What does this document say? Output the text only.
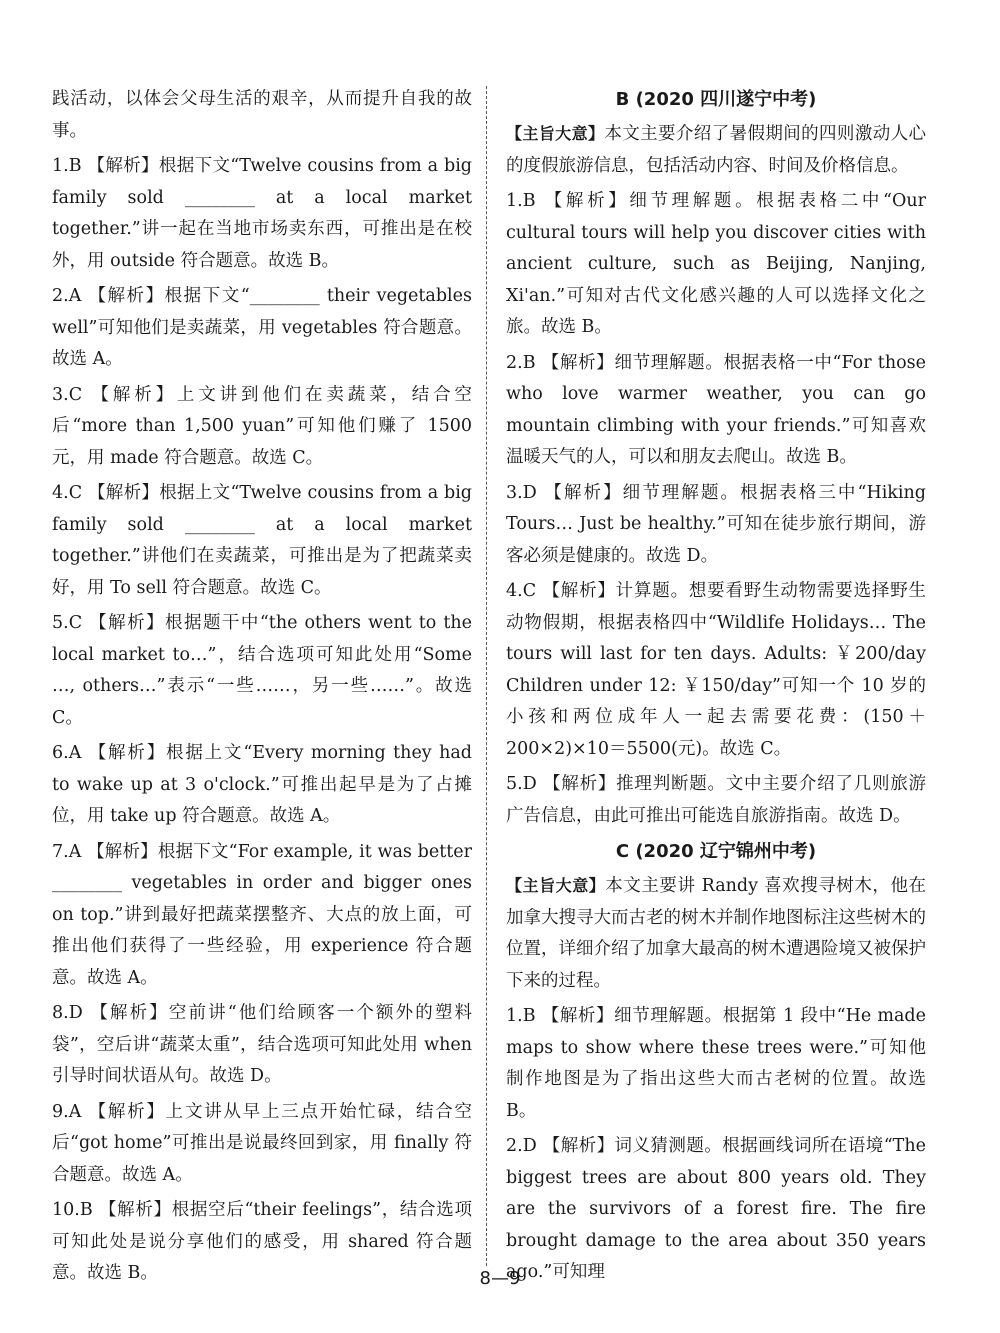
践活动，以体会父母生活的艰辛，从而提升自我的故事。
1.B 【解析】根据下文“Twelve cousins from a big family sold ________ at a local market together.”讲一起在当地市场卖东西，可推出是在校外，用 outside 符合题意。故选 B。
2.A 【解析】根据下文“________ their vegetables well”可知他们是卖蔬菜，用 vegetables 符合题意。故选 A。
3.C 【解析】上文讲到他们在卖蔬菜，结合空后“more than 1,500 yuan”可知他们赚了 1500 元，用 made 符合题意。故选 C。
4.C 【解析】根据上文“Twelve cousins from a big family sold ________ at a local market together.”讲他们在卖蔬菜，可推出是为了把蔬菜卖好，用 To sell 符合题意。故选 C。
5.C 【解析】根据题干中“the others went to the local market to…”，结合选项可知此处用“Some …, others…”表示“一些……，另一些……”。故选 C。
6.A 【解析】根据上文“Every morning they had to wake up at 3 o'clock.”可推出起早是为了占摊位，用 take up 符合题意。故选 A。
7.A 【解析】根据下文“For example, it was better ________ vegetables in order and bigger ones on top.”讲到最好把蔬菜摆整齐、大点的放上面，可推出他们获得了一些经验，用 experience 符合题意。故选 A。
8.D 【解析】空前讲“他们给顾客一个额外的塑料袋”，空后讲“蔬菜太重”，结合选项可知此处用 when 引导时间状语从句。故选 D。
9.A 【解析】上文讲从早上三点开始忙碌，结合空后“got home”可推出是说最终回到家，用 finally 符合题意。故选 A。
10.B 【解析】根据空后“their feelings”，结合选项可知此处是说分享他们的感受，用 shared 符合题意。故选 B。
B (2020 四川遂宁中考)
【主旨大意】本文主要介绍了暑假期间的四则激动人心的度假旅游信息，包括活动内容、时间及价格信息。
1.B 【解析】细节理解题。根据表格二中“Our cultural tours will help you discover cities with ancient culture, such as Beijing, Nanjing, Xi'an.”可知对古代文化感兴趣的人可以选择文化之旅。故选 B。
2.B 【解析】细节理解题。根据表格一中“For those who love warmer weather, you can go mountain climbing with your friends.”可知喜欢温暖天气的人，可以和朋友去爬山。故选 B。
3.D 【解析】细节理解题。根据表格三中“Hiking Tours… Just be healthy.”可知在徒步旅行期间，游客必须是健康的。故选 D。
4.C 【解析】计算题。想要看野生动物需要选择野生动物假期，根据表格四中“Wildlife Holidays… The tours will last for ten days. Adults: ￥200/day Children under 12: ￥150/day”可知一个 10 岁的小孩和两位成年人一起去需要花费：(150＋200×2)×10＝5500(元)。故选 C。
5.D 【解析】推理判断题。文中主要介绍了几则旅游广告信息，由此可推出可能选自旅游指南。故选 D。
C (2020 辽宁锦州中考)
【主旨大意】本文主要讲 Randy 喜欢搜寻树木，他在加拿大搜寻大而古老的树木并制作地图标注这些树木的位置，详细介绍了加拿大最高的树木遭遇险境又被保护下来的过程。
1.B 【解析】细节理解题。根据第 1 段中“He made maps to show where these trees were.”可知他制作地图是为了指出这些大而古老树的位置。故选 B。
2.D 【解析】词义猜测题。根据画线词所在语境“The biggest trees are about 800 years old. They are the survivors of a forest fire. The fire brought damage to the area about 350 years ago.”可知理
8—9
